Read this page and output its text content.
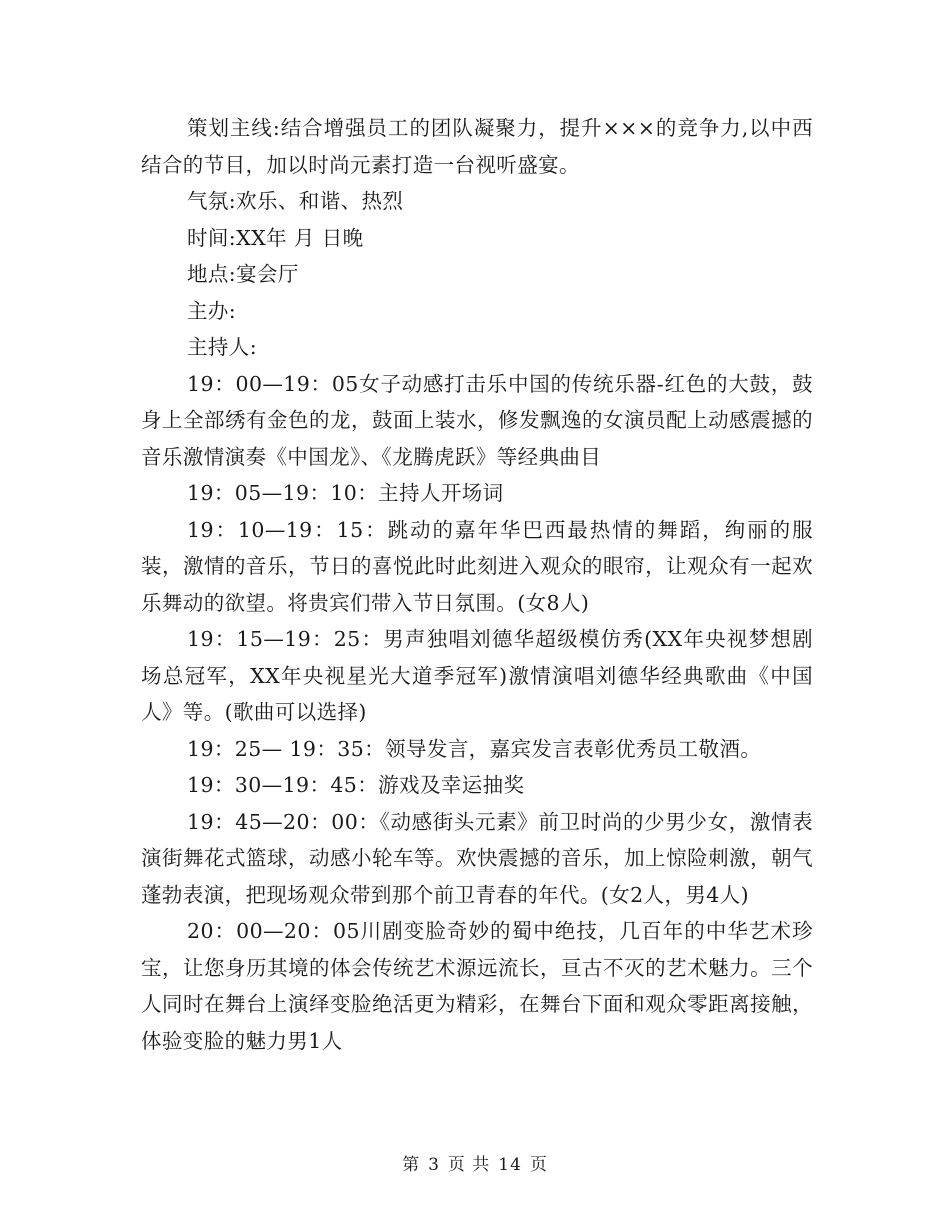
策划主线:结合增强员工的团队凝聚力，提升×××的竞争力,以中西结合的节目，加以时尚元素打造一台视听盛宴。

气氛:欢乐、和谐、热烈

时间:XX年 月 日晚

地点:宴会厅

主办:

主持人:

19：00—19：05女子动感打击乐中国的传统乐器-红色的大鼓，鼓身上全部绣有金色的龙，鼓面上装水，修发飘逸的女演员配上动感震撼的音乐激情演奏《中国龙》、《龙腾虎跃》等经典曲目

19：05—19：10：主持人开场词

19：10—19：15：跳动的嘉年华巴西最热情的舞蹈，绚丽的服装，激情的音乐，节日的喜悦此时此刻进入观众的眼帘，让观众有一起欢乐舞动的欲望。将贵宾们带入节日氛围。(女8人)

19：15—19：25：男声独唱刘德华超级模仿秀(XX年央视梦想剧场总冠军，XX年央视星光大道季冠军)激情演唱刘德华经典歌曲《中国人》等。(歌曲可以选择)

19：25— 19：35：领导发言，嘉宾发言表彰优秀员工敬酒。

19：30—19：45：游戏及幸运抽奖

19：45—20：00：《动感街头元素》前卫时尚的少男少女，激情表演街舞花式篮球，动感小轮车等。欢快震撼的音乐，加上惊险刺激，朝气蓬勃表演，把现场观众带到那个前卫青春的年代。(女2人，男4人)

20：00—20：05川剧变脸奇妙的蜀中绝技，几百年的中华艺术珍宝，让您身历其境的体会传统艺术源远流长，亘古不灭的艺术魅力。三个人同时在舞台上演绎变脸绝活更为精彩，在舞台下面和观众零距离接触，体验变脸的魅力男1人

第 3 页 共 14 页
